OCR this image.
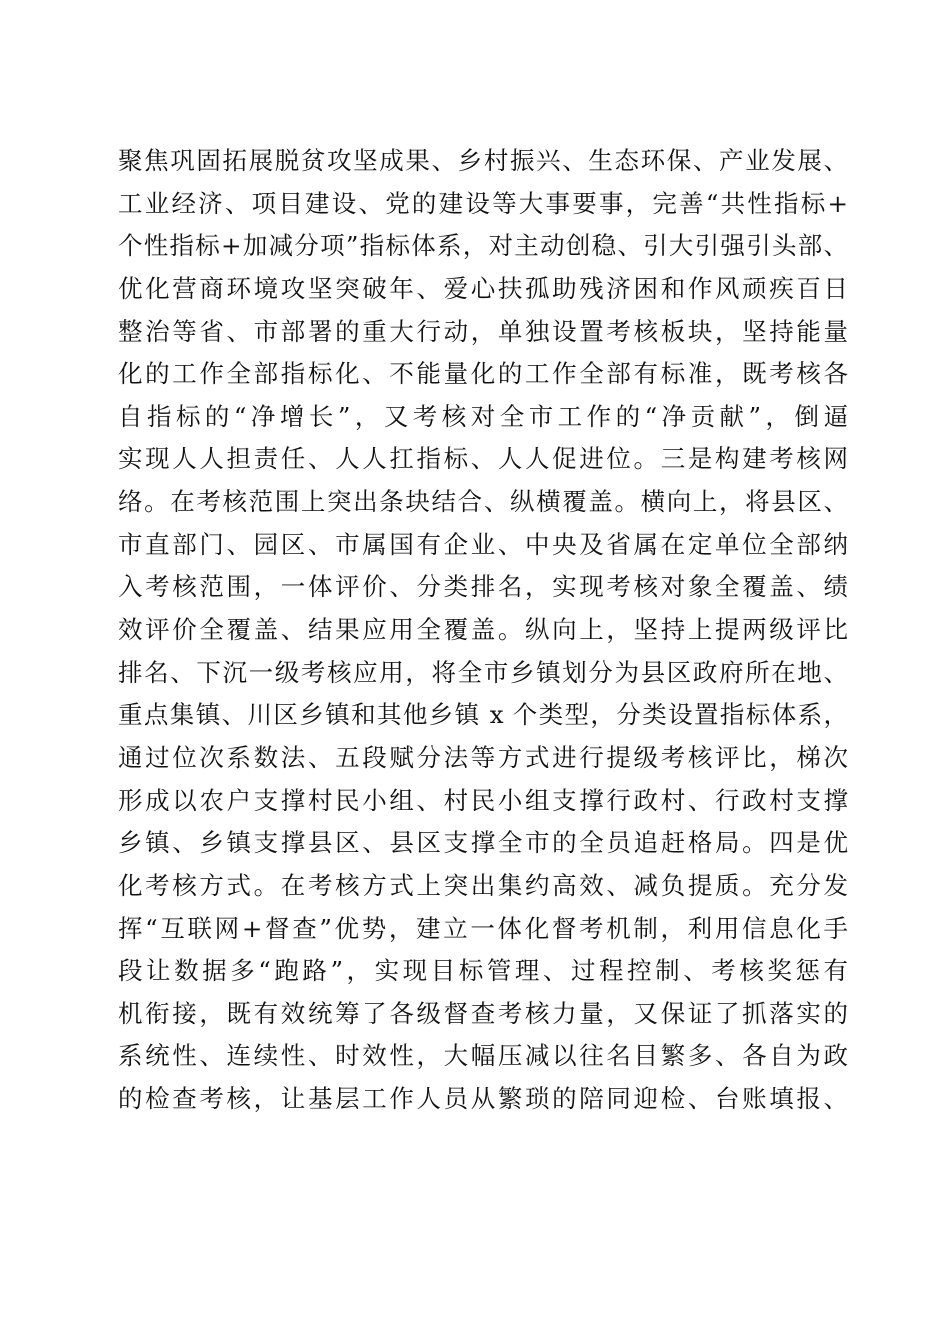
聚焦巩固拓展脱贫攻坚成果、乡村振兴、生态环保、产业发展、
工业经济、项目建设、党的建设等大事要事，完善“共性指标+
个性指标+加减分项”指标体系，对主动创稳、引大引强引头部、
优化营商环境攻坚突破年、爱心扶孤助残济困和作风顽疾百日
整治等省、市部署的重大行动，单独设置考核板块，坚持能量
化的工作全部指标化、不能量化的工作全部有标准，既考核各
自指标的“净增长”，又考核对全市工作的“净贡献”，倒逼
实现人人担责任、人人扛指标、人人促进位。三是构建考核网
络。在考核范围上突出条块结合、纵横覆盖。横向上，将县区、
市直部门、园区、市属国有企业、中央及省属在定单位全部纳
入考核范围，一体评价、分类排名，实现考核对象全覆盖、绩
效评价全覆盖、结果应用全覆盖。纵向上，坚持上提两级评比
排名、下沉一级考核应用，将全市乡镇划分为县区政府所在地、
重点集镇、川区乡镇和其他乡镇 x 个类型，分类设置指标体系，
通过位次系数法、五段赋分法等方式进行提级考核评比，梯次
形成以农户支撑村民小组、村民小组支撑行政村、行政村支撑
乡镇、乡镇支撑县区、县区支撑全市的全员追赶格局。四是优
化考核方式。在考核方式上突出集约高效、减负提质。充分发
挥“互联网+督查”优势，建立一体化督考机制，利用信息化手
段让数据多“跑路”，实现目标管理、过程控制、考核奖惩有
机衔接，既有效统筹了各级督查考核力量，又保证了抓落实的
系统性、连续性、时效性，大幅压减以往名目繁多、各自为政
的检查考核，让基层工作人员从繁琐的陪同迎检、台账填报、
